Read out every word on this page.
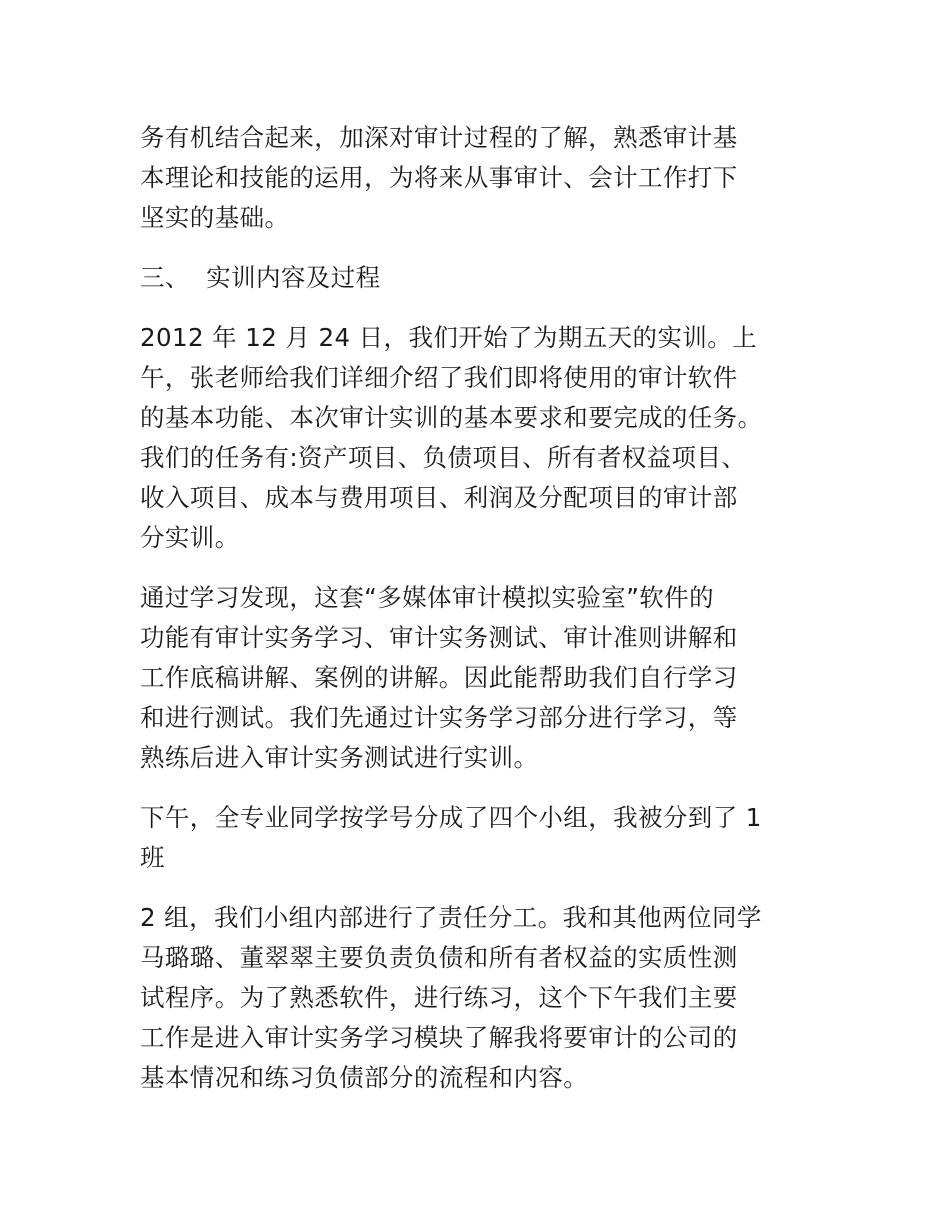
务有机结合起来，加深对审计过程的了解，熟悉审计基
本理论和技能的运用，为将来从事审计、会计工作打下
坚实的基础。

三、  实训内容及过程

2012 年 12 月 24 日，我们开始了为期五天的实训。上
午，张老师给我们详细介绍了我们即将使用的审计软件
的基本功能、本次审计实训的基本要求和要完成的任务。
我们的任务有:资产项目、负债项目、所有者权益项目、
收入项目、成本与费用项目、利润及分配项目的审计部
分实训。

通过学习发现，这套“多媒体审计模拟实验室”软件的
功能有审计实务学习、审计实务测试、审计准则讲解和
工作底稿讲解、案例的讲解。因此能帮助我们自行学习
和进行测试。我们先通过计实务学习部分进行学习，等
熟练后进入审计实务测试进行实训。

下午，全专业同学按学号分成了四个小组，我被分到了 1
班

2 组，我们小组内部进行了责任分工。我和其他两位同学
马璐璐、董翠翠主要负责负债和所有者权益的实质性测
试程序。为了熟悉软件，进行练习，这个下午我们主要
工作是进入审计实务学习模块了解我将要审计的公司的
基本情况和练习负债部分的流程和内容。
